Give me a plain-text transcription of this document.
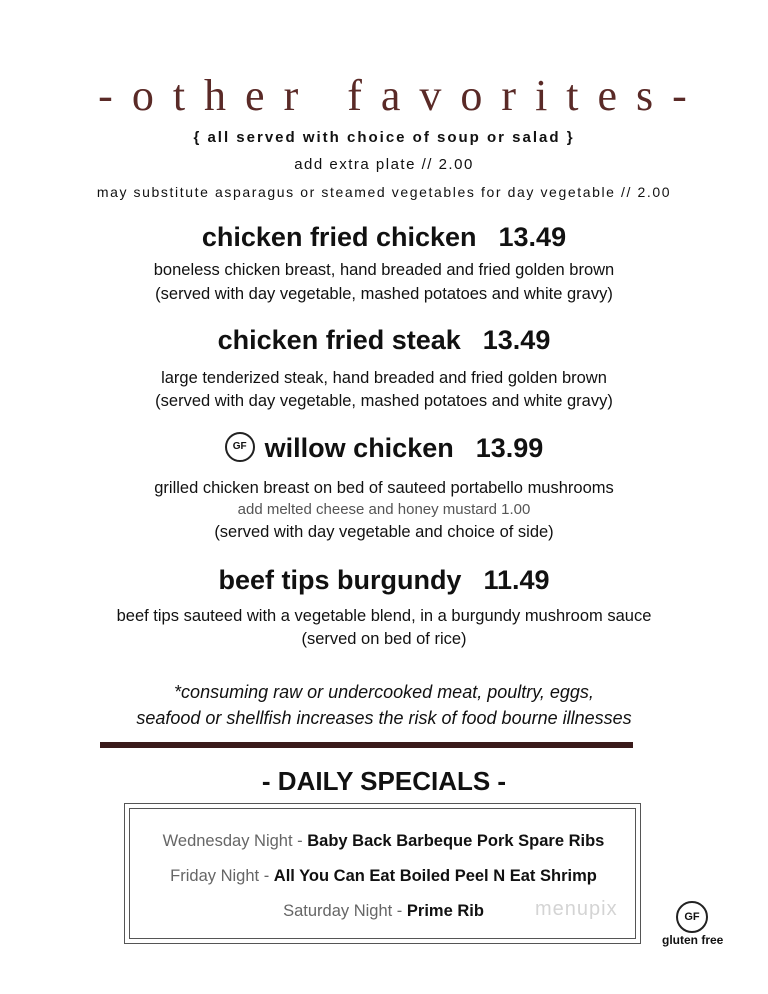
-other favorites-
{ all served with choice of soup or salad }
add extra plate // 2.00
may substitute asparagus or steamed vegetables for day vegetable // 2.00
chicken fried chicken 13.49
boneless chicken breast, hand breaded and fried golden brown
(served with day vegetable, mashed potatoes and white gravy)
chicken fried steak 13.49
large tenderized steak, hand breaded and fried golden brown
(served with day vegetable, mashed potatoes and white gravy)
GF willow chicken 13.99
grilled chicken breast on bed of sauteed portabello mushrooms
add melted cheese and honey mustard 1.00
(served with day vegetable and choice of side)
beef tips burgundy 11.49
beef tips sauteed with a vegetable blend, in a burgundy mushroom sauce
(served on bed of rice)
*consuming raw or undercooked meat, poultry, eggs,
seafood or shellfish increases the risk of food bourne illnesses
- DAILY SPECIALS -
Wednesday Night - Baby Back Barbeque Pork Spare Ribs
Friday Night - All You Can Eat Boiled Peel N Eat Shrimp
Saturday Night - Prime Rib	menupix	GF
gluten free
